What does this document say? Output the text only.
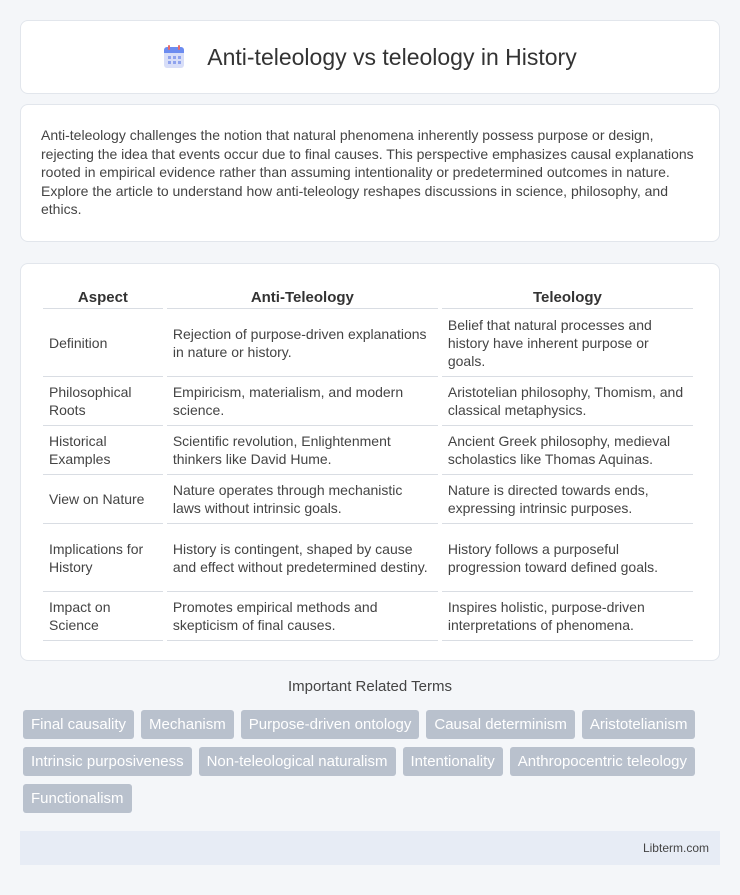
Anti-teleology vs teleology in History

Anti-teleology challenges the notion that natural phenomena inherently possess purpose or design, rejecting the idea that events occur due to final causes. This perspective emphasizes causal explanations rooted in empirical evidence rather than assuming intentionality or predetermined outcomes in nature. Explore the article to understand how anti-teleology reshapes discussions in science, philosophy, and ethics.

Aspect	Anti-Teleology	Teleology
Definition	Rejection of purpose-driven explanations in nature or history.	Belief that natural processes and history have inherent purpose or goals.
Philosophical Roots	Empiricism, materialism, and modern science.	Aristotelian philosophy, Thomism, and classical metaphysics.
Historical Examples	Scientific revolution, Enlightenment thinkers like David Hume.	Ancient Greek philosophy, medieval scholastics like Thomas Aquinas.
View on Nature	Nature operates through mechanistic laws without intrinsic goals.	Nature is directed towards ends, expressing intrinsic purposes.
Implications for History	History is contingent, shaped by cause and effect without predetermined destiny.	History follows a purposeful progression toward defined goals.
Impact on Science	Promotes empirical methods and skepticism of final causes.	Inspires holistic, purpose-driven interpretations of phenomena.
Important Related Terms
Final causality	Mechanism	Purpose-driven ontology	Causal determinism	Aristotelianism
Intrinsic purposiveness	Non-teleological naturalism	Intentionality	Anthropocentric teleology
Functionalism
Libterm.com
